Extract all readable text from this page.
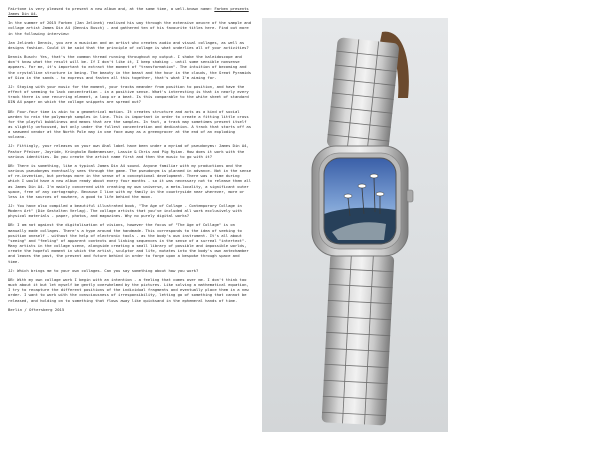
Fairtone is very pleased to present a new album and, at the same time, a well-known name: Farben presents James Din A4.

In the summer of 2015 Farben (Jan Jelinek) realised his way through the extensive oeuvre of the sample and collage artist James Din A4 (Dennis Busch) - and gathered ten of his favourite titles here. Find out more in the following interview:

Jan Jelinek: Dennis, you are a musician and an artist who creates audio and visual collages, as well as designs fashion. Could it be said that the principle of collage is what underlies all of your activities?

Dennis Busch: Yes, that's the common thread running throughout my output. I shake the kaleidoscope and don't know what the result will be. If I don't like it, I keep shaking - until some sensible nonsense appears. For me, it's important to extract the moment of "transformation". The intuition of becoming and the crystalline structure in being. The beauty in the beast and the hour in the clouds, the Great Pyramids of Giza in the sands - to express and fasten all this together, that's what I'm aiming for.

JJ: Staying with your music for the moment, your tracks meander from position to position, and have the effect of seeming to lack concentration - in a positive sense. What's interesting is that in nearly every track there is one recurring element, a loop or a beat. Is this comparable to the white sheet of standard DIN A4 paper on which the collage snippets are spread out?

DB: Four-four time is akin to a geometrical motion. It creates structure and acts as a kind of social warden to rein the polymorph samples in line. This is important in order to create a fitting little cross for the playful bubbliness and means that are the samples. In fact, a track may sometimes present itself as slightly unfocused, but only under the fullest concentration and dedication. A track that starts off as a seaweed vendor at the North Pole may in one face away as a greengrocer at the end of an exploding volcano.

JJ: Fittingly, your releases on your own Ahal label have been under a myriad of pseudonyms: James Din A4, Pastor Pfeiser, Joyride, Kringholm Bodenmesser, Lassie & Chris and Pig Ryian. How does it work with the various identities. Do you create the artist name first and then the music to go with it?

DB: There is something, like a typical James Din A4 sound. Anyone familiar with my productions and the various pseudonyms eventually sees through the game. The pseudonym is planned in advance. Not in the sense of re-invention, but perhaps more in the sense of a conceptional development. There was a time during which I would have a new album ready about every four months - so it was necessary not to release them all as James Din A4. I'm mainly concerned with creating my own universe, a meta-locality, a significant outer space, free of any cartography. Because I live with my family in the countryside near wherever, more or less in the sources of nowhere, a good to life behind the moon.

JJ: You have also compiled a beautiful illustrated book, "The Age of Collage - Contemporary Collage in Modern Art" (Die Gestalten Verlag). The collage artists that you've included all work exclusively with physical materials - paper, photos, and magazines. Why no purely digital works?

DB: I am not against the digitalisation of visions, however the focus of "The Age of Collage" is on manually made collages. There's a hype around the handmade. This corresponds to the idea of seeking to position oneself - without the help of electronic tools - as the body's own instrument. It's all about "seeing" and "feeling" of apparent contexts and linking sequences in the sense of a surreal "intertext". Many artists in the collage scene, alongside creating a small library of possible and impossible worlds, create the hopeful moment in which the artist, sculptor and life, mutates into the body's own antechamber and leaves the past, the present and future behind in order to forge upon a bespoke through space and time.

JJ: Which brings me to your own collages. Can you say something about how you work?

DB: With my own collage work I begin with an intention - a feeling that comes over me. I don't think too much about it but let myself be gently overwhelmed by the pictures. Like solving a mathematical equation, I try to recapture the different positions of the individual fragments and eventually place them in a new order. I want to work with the consciousness of irresponsibility, letting go of something that cannot be released, and holding on to something that flows away like quicksand in the ephemeral hands of time.

Berlin / Oftersberg 2015
